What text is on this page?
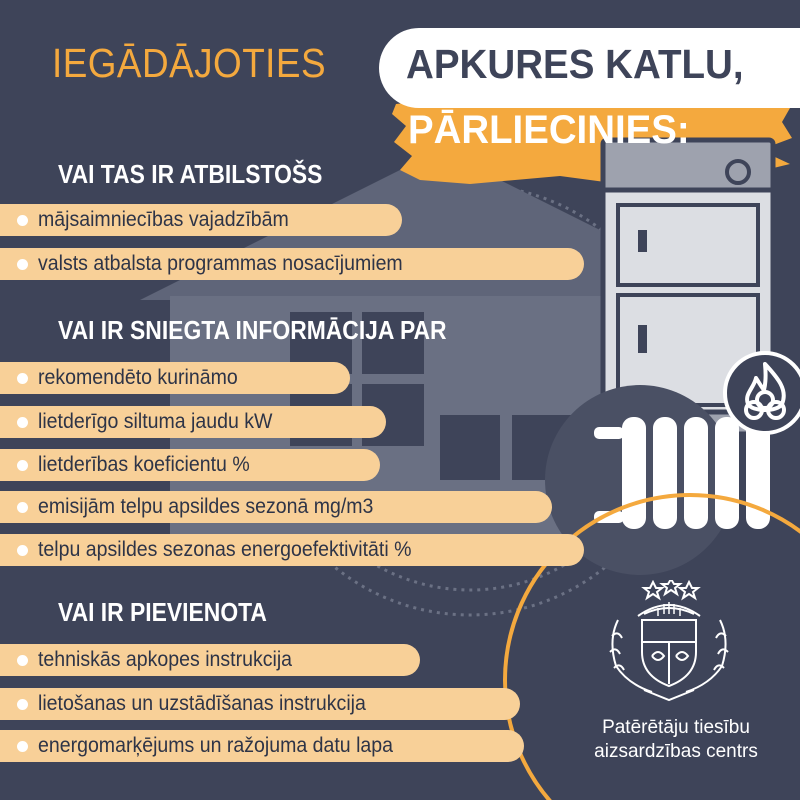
IEGĀDĀJOTIES APKURES KATLU,
PĀRLIECINIES:
VAI TAS IR ATBILSTOŠS
mājsaimniecības vajadzībām
valsts atbalsta programmas nosacījumiem
VAI IR SNIEGTA INFORMĀCIJA PAR
rekomendēto kurināmo
lietderīgo siltuma jaudu kW
lietderības koeficientu %
emisijām telpu apsildes sezonā mg/m3
telpu apsildes sezonas energoefektivitāti %
VAI IR PIEVIENOTA
tehniskās apkopes instrukcija
lietošanas un uzstādīšanas instrukcija
energomarķējums un ražojuma datu lapa
Patērētāju tiesību
aizsardzības centrs
